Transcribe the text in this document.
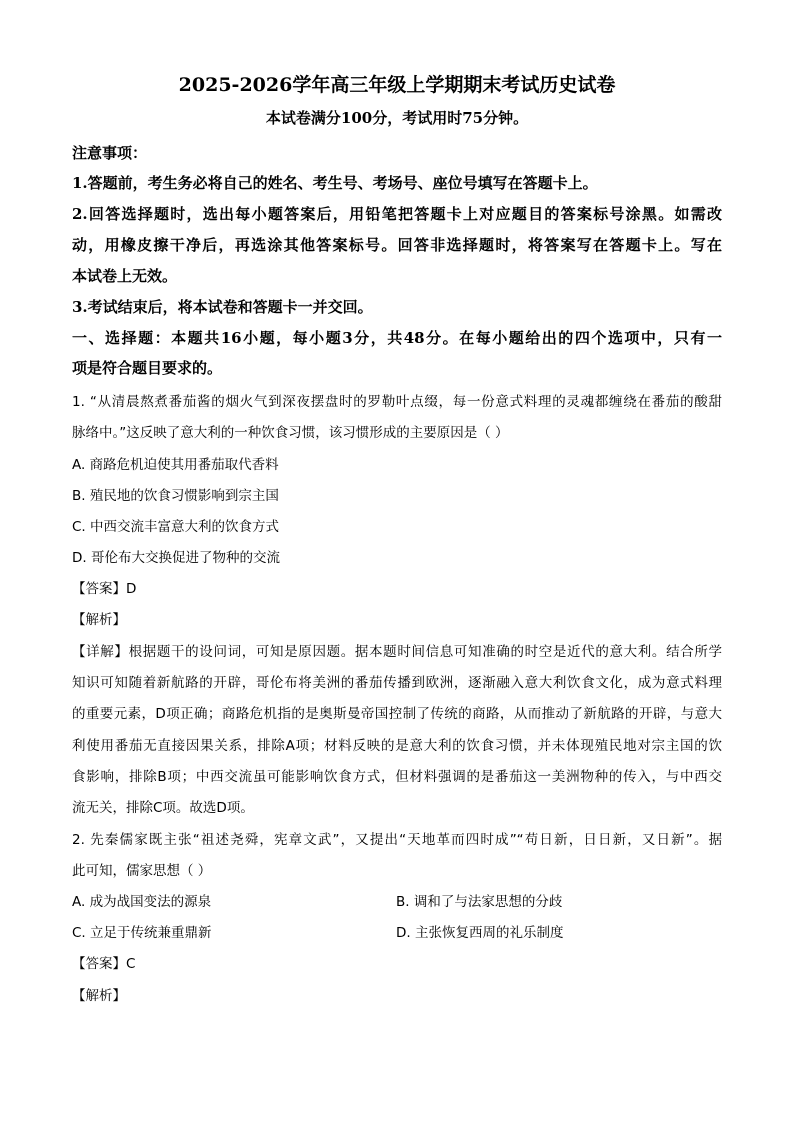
2025-2026学年高三年级上学期期末考试历史试卷
本试卷满分100分，考试用时75分钟。
注意事项：
1.答题前，考生务必将自己的姓名、考生号、考场号、座位号填写在答题卡上。
2.回答选择题时，选出每小题答案后，用铅笔把答题卡上对应题目的答案标号涂黑。如需改
动，用橡皮擦干净后，再选涂其他答案标号。回答非选择题时，将答案写在答题卡上。写在
本试卷上无效。
3.考试结束后，将本试卷和答题卡一并交回。
一、选择题：本题共16小题，每小题3分，共48分。在每小题给出的四个选项中，只有一
项是符合题目要求的。
1. “从清晨熬煮番茄酱的烟火气到深夜摆盘时的罗勒叶点缀，每一份意式料理的灵魂都缠绕在番茄的酸甜
脉络中。”这反映了意大利的一种饮食习惯，该习惯形成的主要原因是（ ）
A. 商路危机迫使其用番茄取代香料
B. 殖民地的饮食习惯影响到宗主国
C. 中西交流丰富意大利的饮食方式
D. 哥伦布大交换促进了物种的交流
【答案】D
【解析】
【详解】根据题干的设问词，可知是原因题。据本题时间信息可知准确的时空是近代的意大利。结合所学
知识可知随着新航路的开辟，哥伦布将美洲的番茄传播到欧洲，逐渐融入意大利饮食文化，成为意式料理
的重要元素，D项正确；商路危机指的是奥斯曼帝国控制了传统的商路，从而推动了新航路的开辟，与意大
利使用番茄无直接因果关系，排除A项；材料反映的是意大利的饮食习惯，并未体现殖民地对宗主国的饮
食影响，排除B项；中西交流虽可能影响饮食方式，但材料强调的是番茄这一美洲物种的传入，与中西交
流无关，排除C项。故选D项。
2. 先秦儒家既主张“祖述尧舜，宪章文武”，又提出“天地革而四时成”“苟日新，日日新，又日新”。据
此可知，儒家思想（ ）
A. 成为战国变法的源泉	B. 调和了与法家思想的分歧
C. 立足于传统兼重鼎新	D. 主张恢复西周的礼乐制度
【答案】C
【解析】
